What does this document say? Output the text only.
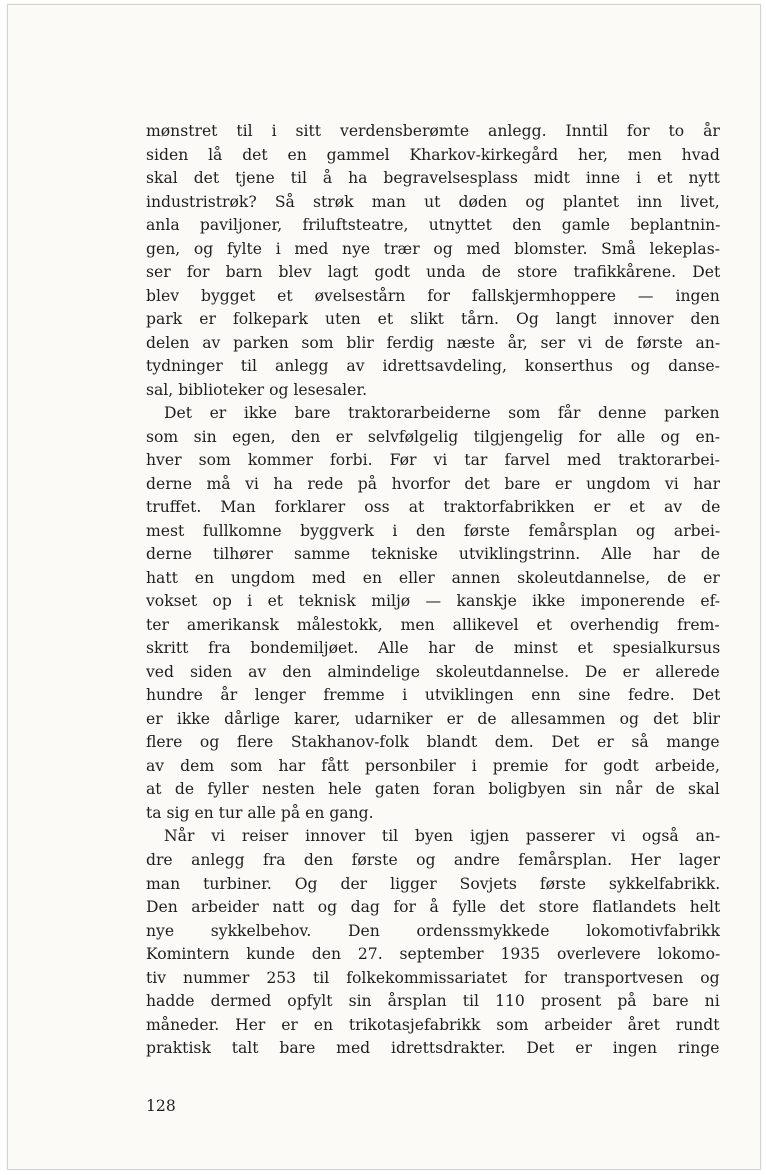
mønstret til i sitt verdensberømte anlegg. Inntil for to år
siden lå det en gammel Kharkov-kirkegård her, men hvad
skal det tjene til å ha begravelsesplass midt inne i et nytt
industristrøk? Så strøk man ut døden og plantet inn livet,
anla paviljoner, friluftsteatre, utnyttet den gamle beplantnin-
gen, og fylte i med nye trær og med blomster. Små lekeplas-
ser for barn blev lagt godt unda de store trafikkårene. Det
blev bygget et øvelsestårn for fallskjermhoppere — ingen
park er folkepark uten et slikt tårn. Og langt innover den
delen av parken som blir ferdig næste år, ser vi de første an-
tydninger til anlegg av idrettsavdeling, konserthus og danse-
sal, biblioteker og lesesaler.
Det er ikke bare traktorarbeiderne som får denne parken
som sin egen, den er selvfølgelig tilgjengelig for alle og en-
hver som kommer forbi. Før vi tar farvel med traktorarbei-
derne må vi ha rede på hvorfor det bare er ungdom vi har
truffet. Man forklarer oss at traktorfabrikken er et av de
mest fullkomne byggverk i den første femårsplan og arbei-
derne tilhører samme tekniske utviklingstrinn. Alle har de
hatt en ungdom med en eller annen skoleutdannelse, de er
vokset op i et teknisk miljø — kanskje ikke imponerende ef-
ter amerikansk målestokk, men allikevel et overhendig frem-
skritt fra bondemiljøet. Alle har de minst et spesialkursus
ved siden av den almindelige skoleutdannelse. De er allerede
hundre år lenger fremme i utviklingen enn sine fedre. Det
er ikke dårlige karer, udarniker er de allesammen og det blir
flere og flere Stakhanov-folk blandt dem. Det er så mange
av dem som har fått personbiler i premie for godt arbeide,
at de fyller nesten hele gaten foran boligbyen sin når de skal
ta sig en tur alle på en gang.
Når vi reiser innover til byen igjen passerer vi også an-
dre anlegg fra den første og andre femårsplan. Her lager
man turbiner. Og der ligger Sovjets første sykkelfabrikk.
Den arbeider natt og dag for å fylle det store flatlandets helt
nye sykkelbehov. Den ordenssmykkede lokomotivfabrikk
Komintern kunde den 27. september 1935 overlevere lokomo-
tiv nummer 253 til folkekommissariatet for transportvesen og
hadde dermed opfylt sin årsplan til 110 prosent på bare ni
måneder. Her er en trikotasjefabrikk som arbeider året rundt
praktisk talt bare med idrettsdrakter. Det er ingen ringe
128
